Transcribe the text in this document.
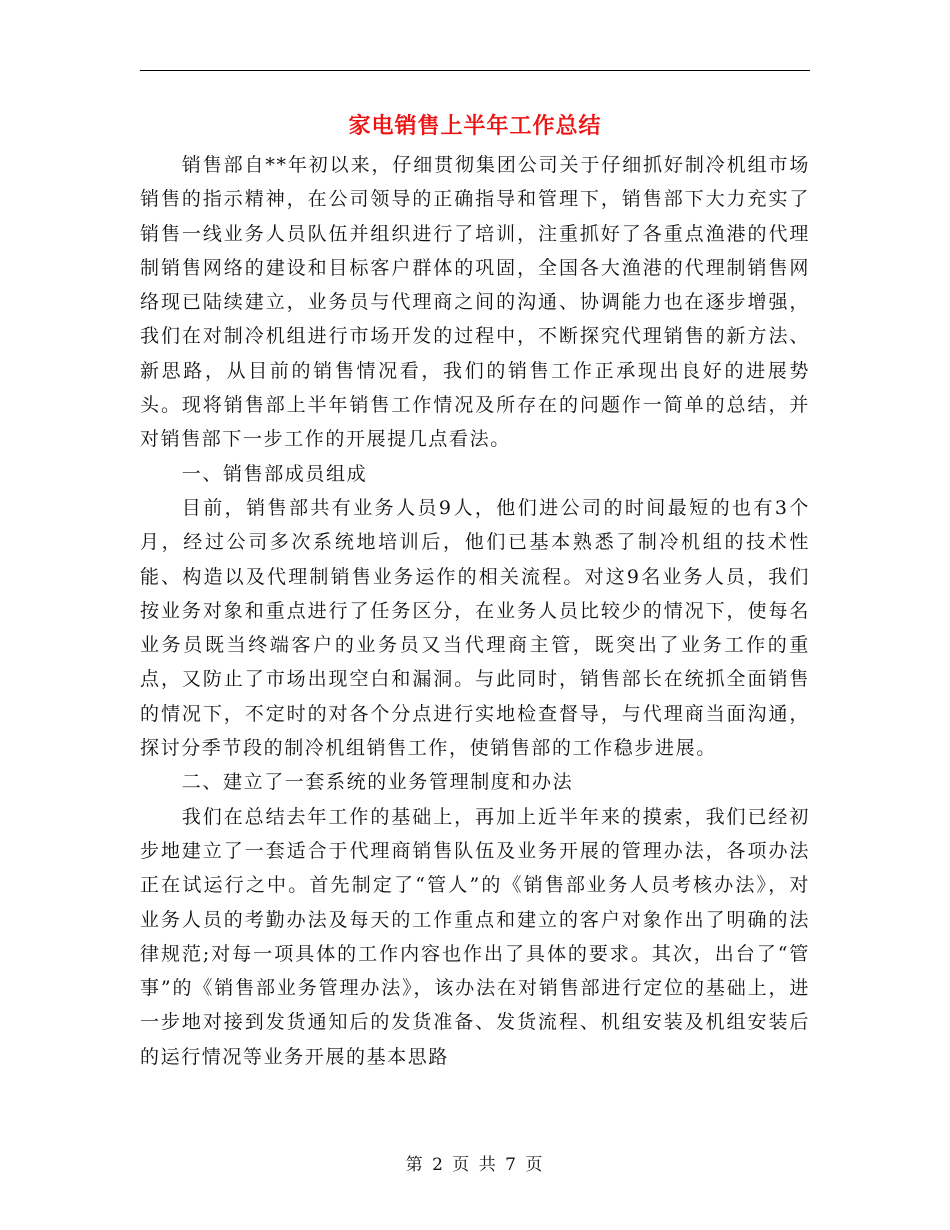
家电销售上半年工作总结

销售部自**年初以来，仔细贯彻集团公司关于仔细抓好制冷机组市场销售的指示精神，在公司领导的正确指导和管理下，销售部下大力充实了销售一线业务人员队伍并组织进行了培训，注重抓好了各重点渔港的代理制销售网络的建设和目标客户群体的巩固，全国各大渔港的代理制销售网络现已陆续建立，业务员与代理商之间的沟通、协调能力也在逐步增强，我们在对制冷机组进行市场开发的过程中，不断探究代理销售的新方法、新思路，从目前的销售情况看，我们的销售工作正承现出良好的进展势头。现将销售部上半年销售工作情况及所存在的问题作一简单的总结，并对销售部下一步工作的开展提几点看法。

一、销售部成员组成

目前，销售部共有业务人员9人，他们进公司的时间最短的也有3个月，经过公司多次系统地培训后，他们已基本熟悉了制冷机组的技术性能、构造以及代理制销售业务运作的相关流程。对这9名业务人员，我们按业务对象和重点进行了任务区分，在业务人员比较少的情况下，使每名业务员既当终端客户的业务员又当代理商主管，既突出了业务工作的重点，又防止了市场出现空白和漏洞。与此同时，销售部长在统抓全面销售的情况下，不定时的对各个分点进行实地检查督导，与代理商当面沟通，探讨分季节段的制冷机组销售工作，使销售部的工作稳步进展。

二、建立了一套系统的业务管理制度和办法

我们在总结去年工作的基础上，再加上近半年来的摸索，我们已经初步地建立了一套适合于代理商销售队伍及业务开展的管理办法，各项办法正在试运行之中。首先制定了“管人”的《销售部业务人员考核办法》，对业务人员的考勤办法及每天的工作重点和建立的客户对象作出了明确的法律规范;对每一项具体的工作内容也作出了具体的要求。其次，出台了“管事”的《销售部业务管理办法》，该办法在对销售部进行定位的基础上，进一步地对接到发货通知后的发货准备、发货流程、机组安装及机组安装后的运行情况等业务开展的基本思路

第 2 页 共 7 页
